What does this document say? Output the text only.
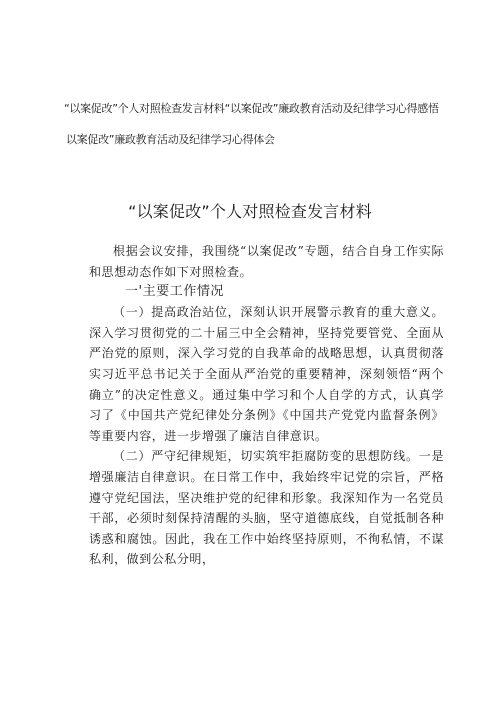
“以案促改”个人对照检查发言材料“以案促改”廉政教育活动及纪律学习心得感悟
以案促改”廉政教育活动及纪律学习心得体会
“以案促改”个人对照检查发言材料

根据会议安排，我围绕“以案促改”专题，结合自身工作实际和思想动态作如下对照检查。

一'主要工作情况

（一）提高政治站位，深刻认识开展警示教育的重大意义。深入学习贯彻党的二十届三中全会精神，坚持党要管党、全面从严治党的原则，深入学习党的自我革命的战略思想，认真贯彻落实习近平总书记关于全面从严治党的重要精神，深刻领悟“两个确立”的决定性意义。通过集中学习和个人自学的方式，认真学习了《中国共产党纪律处分条例》《中国共产党党内监督条例》等重要内容，进一步增强了廉洁自律意识。

（二）严守纪律规矩，切实筑牢拒腐防变的思想防线。一是增强廉洁自律意识。在日常工作中，我始终牢记党的宗旨，严格遵守党纪国法，坚决维护党的纪律和形象。我深知作为一名党员干部，必须时刻保持清醒的头脑，坚守道德底线，自觉抵制各种诱惑和腐蚀。因此，我在工作中始终坚持原则，不徇私情，不谋私利，做到公私分明，
